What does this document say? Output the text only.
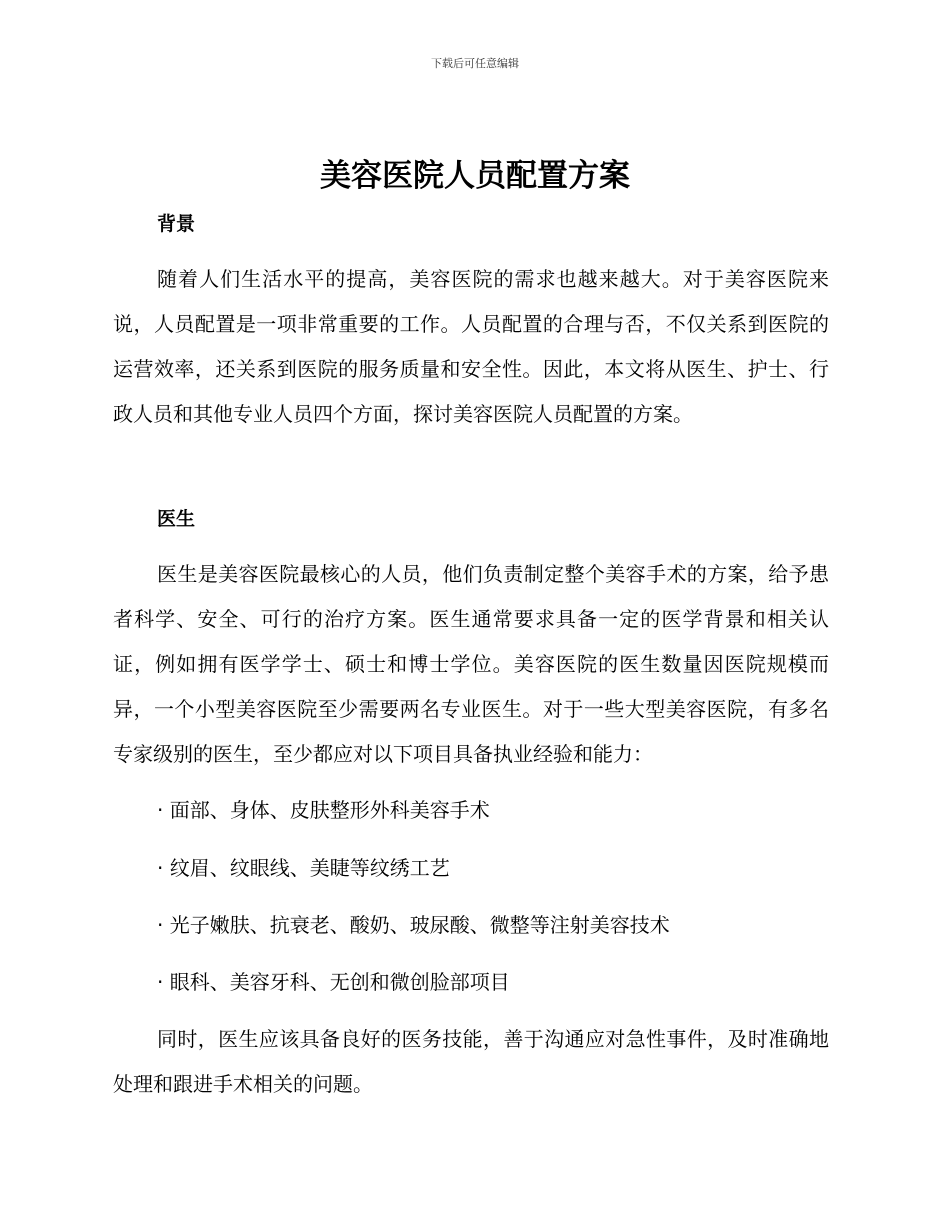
下载后可任意编辑
美容医院人员配置方案
背景

随着人们生活水平的提高，美容医院的需求也越来越大。对于美容医院来说，人员配置是一项非常重要的工作。人员配置的合理与否，不仅关系到医院的运营效率，还关系到医院的服务质量和安全性。因此，本文将从医生、护士、行政人员和其他专业人员四个方面，探讨美容医院人员配置的方案。

医生

医生是美容医院最核心的人员，他们负责制定整个美容手术的方案，给予患者科学、安全、可行的治疗方案。医生通常要求具备一定的医学背景和相关认证，例如拥有医学学士、硕士和博士学位。美容医院的医生数量因医院规模而异，一个小型美容医院至少需要两名专业医生。对于一些大型美容医院，有多名专家级别的医生，至少都应对以下项目具备执业经验和能力：

· 面部、身体、皮肤整形外科美容手术
· 纹眉、纹眼线、美睫等纹绣工艺
· 光子嫩肤、抗衰老、酸奶、玻尿酸、微整等注射美容技术
· 眼科、美容牙科、无创和微创脸部项目

同时，医生应该具备良好的医务技能，善于沟通应对急性事件，及时准确地处理和跟进手术相关的问题。
